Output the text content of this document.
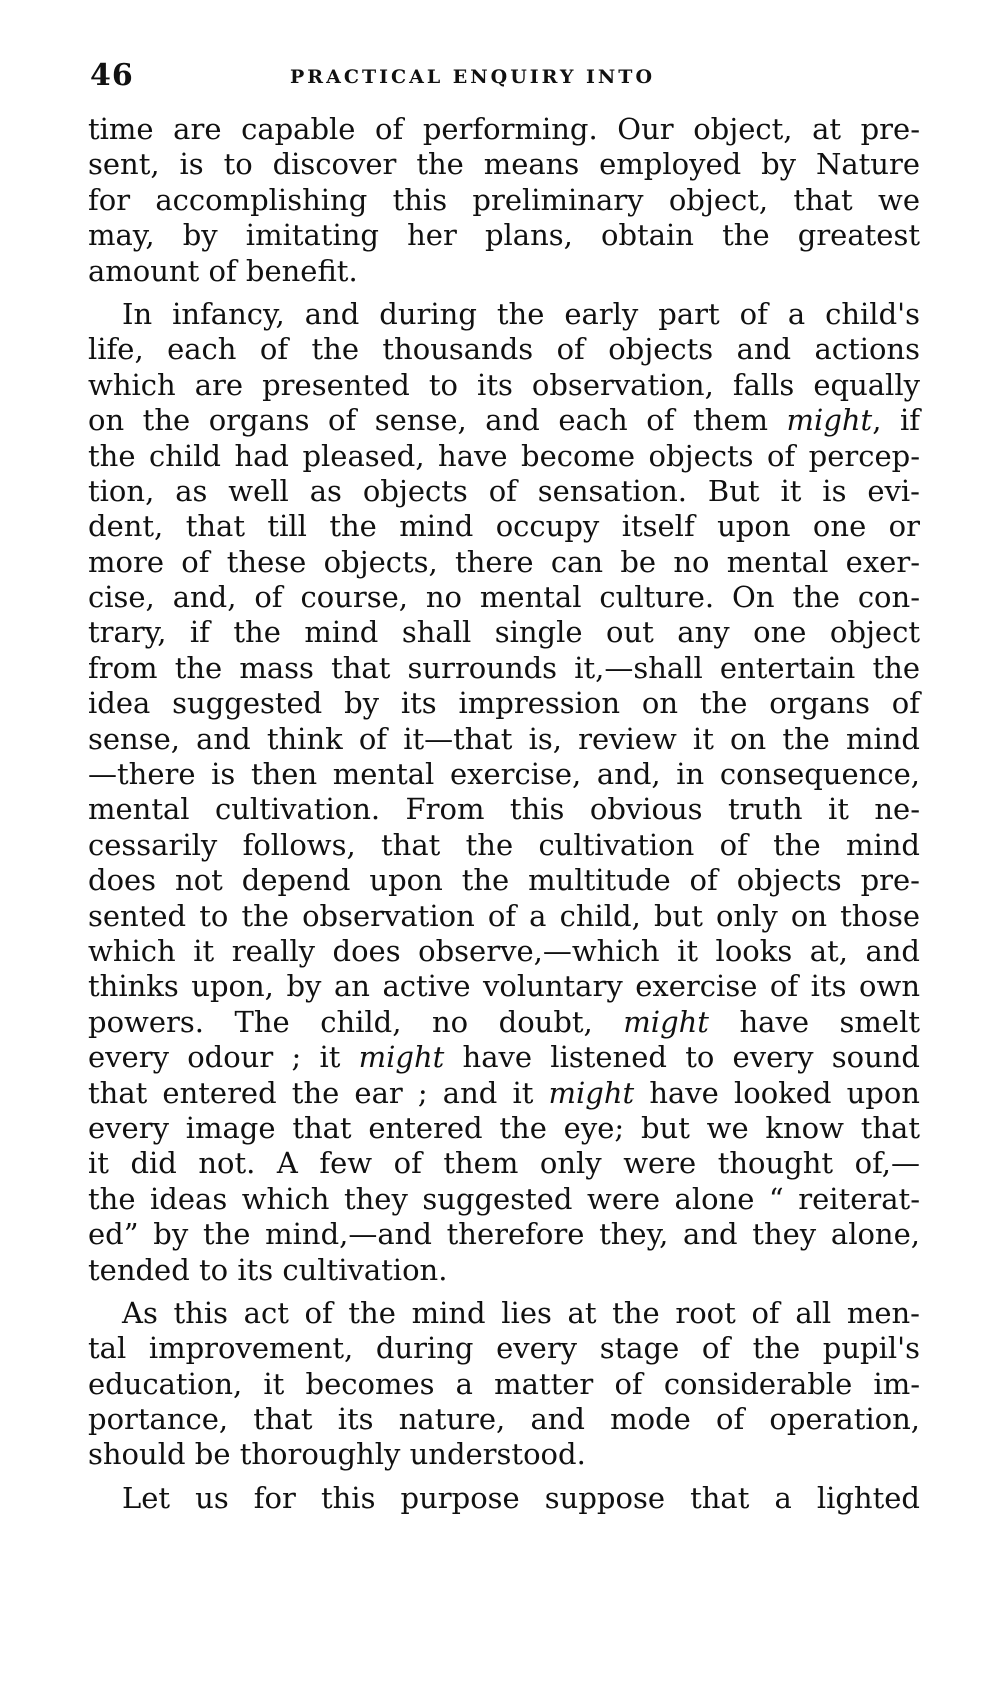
46	PRACTICAL ENQUIRY INTO
time are capable of performing. Our object, at pre-
sent, is to discover the means employed by Nature
for accomplishing this preliminary object, that we
may, by imitating her plans, obtain the greatest
amount of benefit.
In infancy, and during the early part of a child's
life, each of the thousands of objects and actions
which are presented to its observation, falls equally
on the organs of sense, and each of them might, if
the child had pleased, have become objects of percep-
tion, as well as objects of sensation. But it is evi-
dent, that till the mind occupy itself upon one or
more of these objects, there can be no mental exer-
cise, and, of course, no mental culture. On the con-
trary, if the mind shall single out any one object
from the mass that surrounds it,—shall entertain the
idea suggested by its impression on the organs of
sense, and think of it—that is, review it on the mind
—there is then mental exercise, and, in consequence,
mental cultivation. From this obvious truth it ne-
cessarily follows, that the cultivation of the mind
does not depend upon the multitude of objects pre-
sented to the observation of a child, but only on those
which it really does observe,—which it looks at, and
thinks upon, by an active voluntary exercise of its own
powers. The child, no doubt, might have smelt
every odour ; it might have listened to every sound
that entered the ear ; and it might have looked upon
every image that entered the eye; but we know that
it did not. A few of them only were thought of,—
the ideas which they suggested were alone “ reiterat-
ed” by the mind,—and therefore they, and they alone,
tended to its cultivation.
As this act of the mind lies at the root of all men-
tal improvement, during every stage of the pupil's
education, it becomes a matter of considerable im-
portance, that its nature, and mode of operation,
should be thoroughly understood.
Let us for this purpose suppose that a lighted
